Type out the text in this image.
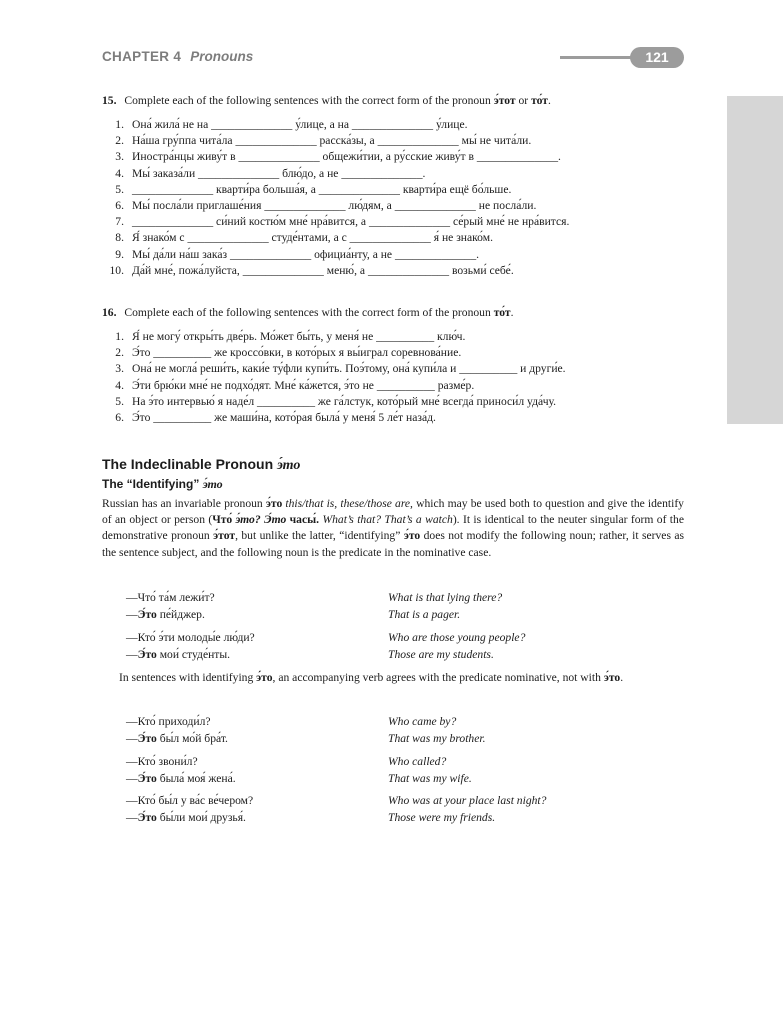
CHAPTER 4 Pronouns	121
15. Complete each of the following sentences with the correct form of the pronoun э́тот or то́т.
1. Она́ жила́ не на ______________ у́лице, а на ______________ у́лице.
2. На́ша гру́ппа чита́ла ______________ расска́зы, а ______________ мы́ не чита́ли.
3. Иностра́нцы живу́т в ______________ общежи́тии, а ру́сские живу́т в ______________.
4. Мы́ заказа́ли ______________ блю́до, а не ______________.
5. ______________ кварти́ра больша́я, а ______________ кварти́ра ещё бо́льше.
6. Мы́ посла́ли приглаше́ния ______________ лю́дям, а ______________ не посла́ли.
7. ______________ си́ний костю́м мне́ нра́вится, а ______________ се́рый мне́ не нра́вится.
8. Я́ знако́м с ______________ студе́нтами, а с ______________ я́ не знако́м.
9. Мы́ да́ли на́ш зака́з ______________ официа́нту, а не ______________.
10. Да́й мне́, пожа́луйста, ______________ меню́, а ______________ возьми́ себе́.
16. Complete each of the following sentences with the correct form of the pronoun то́т.
1. Я́ не могу́ откры́ть две́рь. Мо́жет бы́ть, у меня́ не __________ клю́ч.
2. Э́то __________ же кроссо́вки, в кото́рых я вы́играл соревнова́ние.
3. Она́ не могла́ реши́ть, каки́е ту́фли купи́ть. Поэ́тому, она́ купи́ла и __________ и други́е.
4. Э́ти брю́ки мне́ не подхо́дят. Мне́ ка́жется, э́то не __________ разме́р.
5. На э́то интервью́ я наде́л __________ же га́лстук, кото́рый мне́ всегда́ приноси́л уда́чу.
6. Э́то __________ же маши́на, кото́рая была́ у меня́ 5 ле́т наза́д.
The Indeclinable Pronoun э́то
The “Identifying” э́то
Russian has an invariable pronoun э́то this/that is, these/those are, which may be used both to question and give the identify of an object or person (Что́ э́то? Э́то часы́. What’s that? That’s a watch). It is identical to the neuter singular form of the demonstrative pronoun э́тот, but unlike the latter, “identifying” э́то does not modify the following noun; rather, it serves as the sentence subject, and the following noun is the predicate in the nominative case.
—Что́ та́м лежи́т?	What is that lying there?
—Э́то пе́йджер.	That is a pager.
—Кто́ э́ти молоды́е лю́ди?	Who are those young people?
—Э́то мои́ студе́нты.	Those are my students.
In sentences with identifying э́то, an accompanying verb agrees with the predicate nominative, not with э́то.
—Кто́ приходи́л?	Who came by?
—Э́то бы́л мо́й бра́т.	That was my brother.
—Кто́ звони́л?	Who called?
—Э́то была́ моя́ жена́.	That was my wife.
—Кто́ бы́л у ва́с ве́чером?	Who was at your place last night?
—Э́то бы́ли мои́ друзья́.	Those were my friends.
